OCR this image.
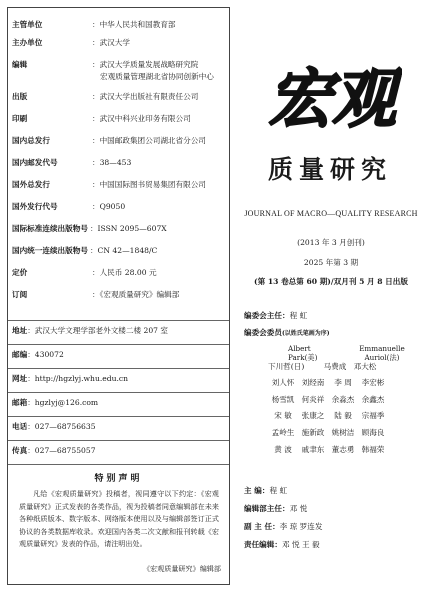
主管单位	：中华人民共和国教育部
主办单位	：武汉大学
编辑	：武汉大学质量发展战略研究院
宏观质量管理湖北省协同创新中心
出版	：武汉大学出版社有限责任公司
印刷	：武汉中科兴业印务有限公司
国内总发行	：中国邮政集团公司湖北省分公司
国内邮发代号	：38—453
国外总发行	：中国国际图书贸易集团有限公司
国外发行代号	：Q9050
国际标准连续出版物号 ：ISSN 2095—607X
国内统一连续出版物号 ：CN 42—1848/C
定价	：人民币 28.00 元
订阅	：《宏观质量研究》编辑部
地址：武汉大学文理学部老外文楼二楼 207 室
邮编：430072
网址：http://hgzlyj.whu.edu.cn
邮箱：hgzlyj@126.com
电话：027—68756635
传真：027—68755057
特别声明
凡给《宏观质量研究》投稿者，视同遵守以下约定：《宏观质量研究》正式发表的各类作品，视为投稿者同意编辑部在未来各种纸质版本、数字版本、网络版本使用以及与编辑部签订正式协议的各类数据库收录。欢迎国内各类二次文献和报刊转载《宏观质量研究》发表的作品，请注明出处。
《宏观质量研究》编辑部
宏观
质量研究
JOURNAL OF MACRO—QUALITY RESEARCH
(2013 年 3 月创刊)
2025 年第 3 期
(第 13 卷总第 60 期)/双月刊 5 月 8 日出版
编委会主任：程 虹
编委会委员(以姓氏笔画为序)
Albert Park(美)
Emmanuelle Auriol(法)
下川哲(日)	马费成 邓大松
刘人怀 刘经南	李 周	李宏彬
杨雪凯 何炎祥 余淼杰 余鑫杰
宋 敏	张康之	陆 毅	宗福季
孟岭生 施新政 姚树洁 顾海良
黄 波	戚聿东 董志勇 韩福荣
主 编：程 虹
编辑部主任：邓 悦
副 主 任：李 琼 罗连发
责任编辑：邓 悦 王 毅
